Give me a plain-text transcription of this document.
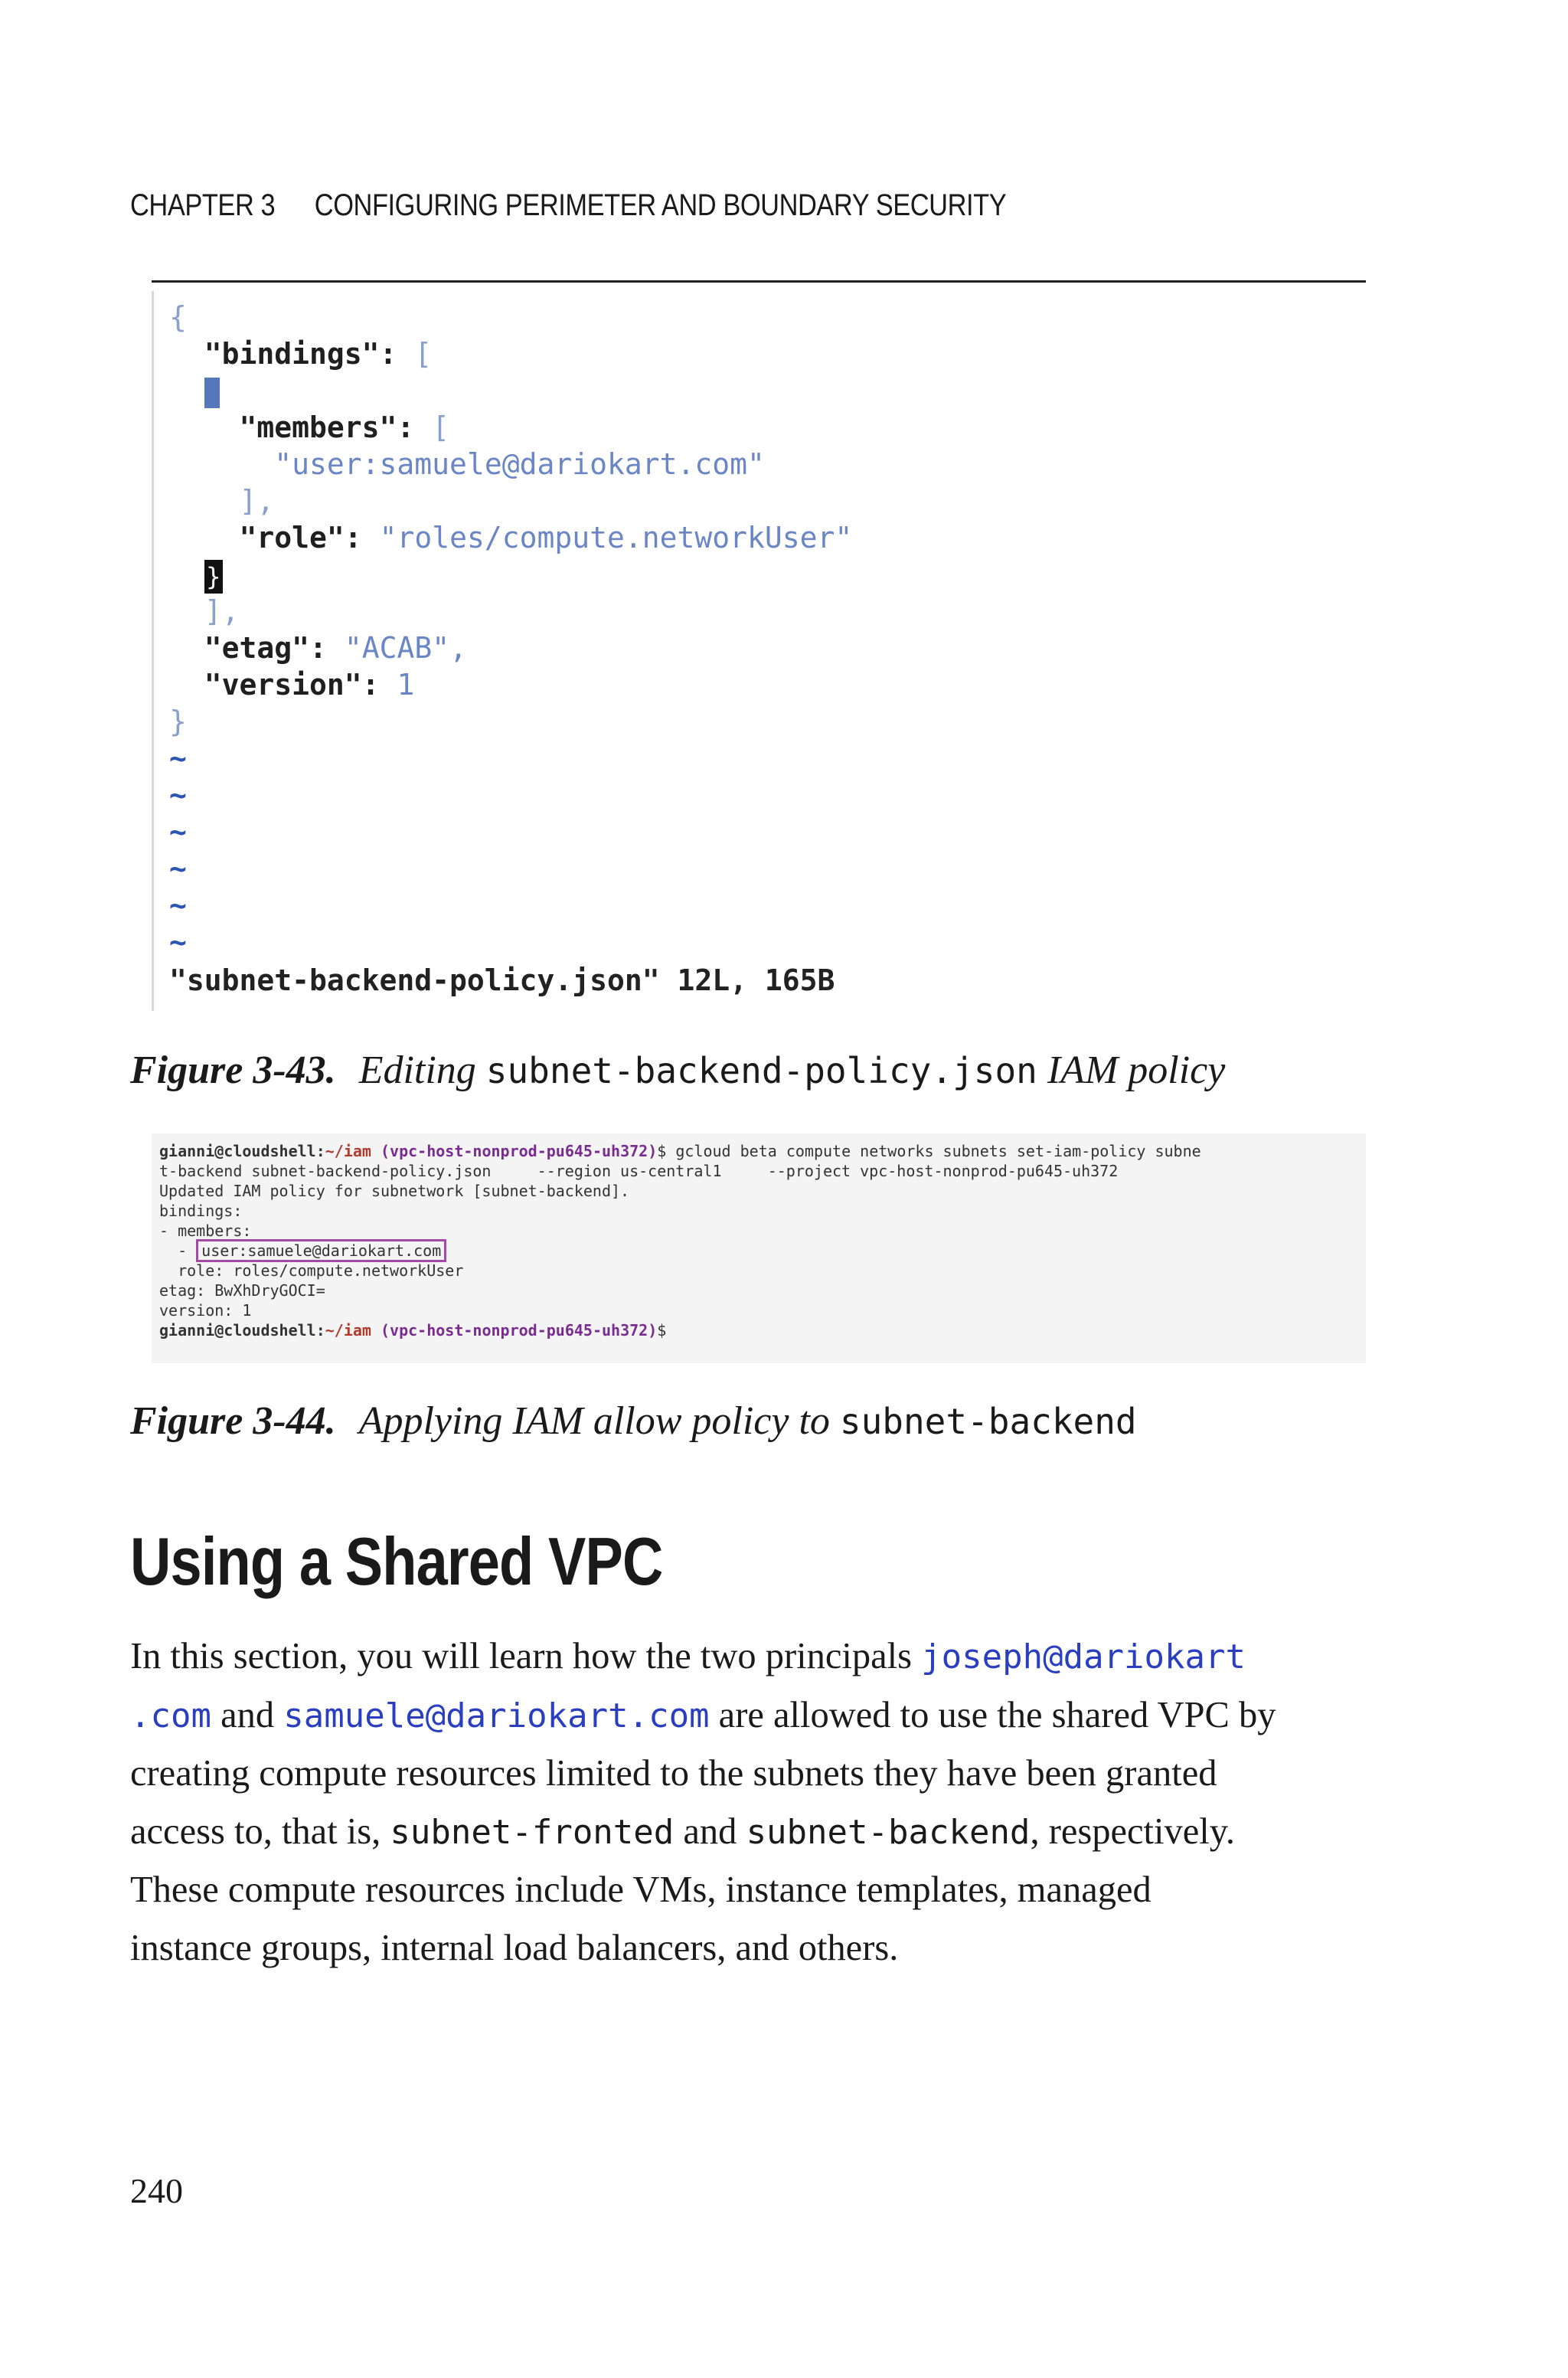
CHAPTER 3 CONFIGURING PERIMETER AND BOUNDARY SECURITY
{
"bindings": [

"members": [
"user:samuele@dariokart.com"
],
"role": "roles/compute.networkUser"
}
],
"etag": "ACAB",
"version": 1
}
~
~
~
~
~
~
"subnet-backend-policy.json" 12L, 165B
Figure 3-43. Editing subnet-backend-policy.json IAM policy
gianni@cloudshell:~/iam (vpc-host-nonprod-pu645-uh372)$ gcloud beta compute networks subnets set-iam-policy subne
t-backend subnet-backend-policy.json     --region us-central1     --project vpc-host-nonprod-pu645-uh372
Updated IAM policy for subnetwork [subnet-backend].
bindings:
- members:
- user:samuele@dariokart.com
role: roles/compute.networkUser
etag: BwXhDryGOCI=
version: 1
gianni@cloudshell:~/iam (vpc-host-nonprod-pu645-uh372)$
Figure 3-44. Applying IAM allow policy to subnet-backend
Using a Shared VPC
In this section, you will learn how the two principals joseph@dariokart
.com and samuele@dariokart.com are allowed to use the shared VPC by
creating compute resources limited to the subnets they have been granted
access to, that is, subnet-fronted and subnet-backend, respectively.
These compute resources include VMs, instance templates, managed
instance groups, internal load balancers, and others.
240
